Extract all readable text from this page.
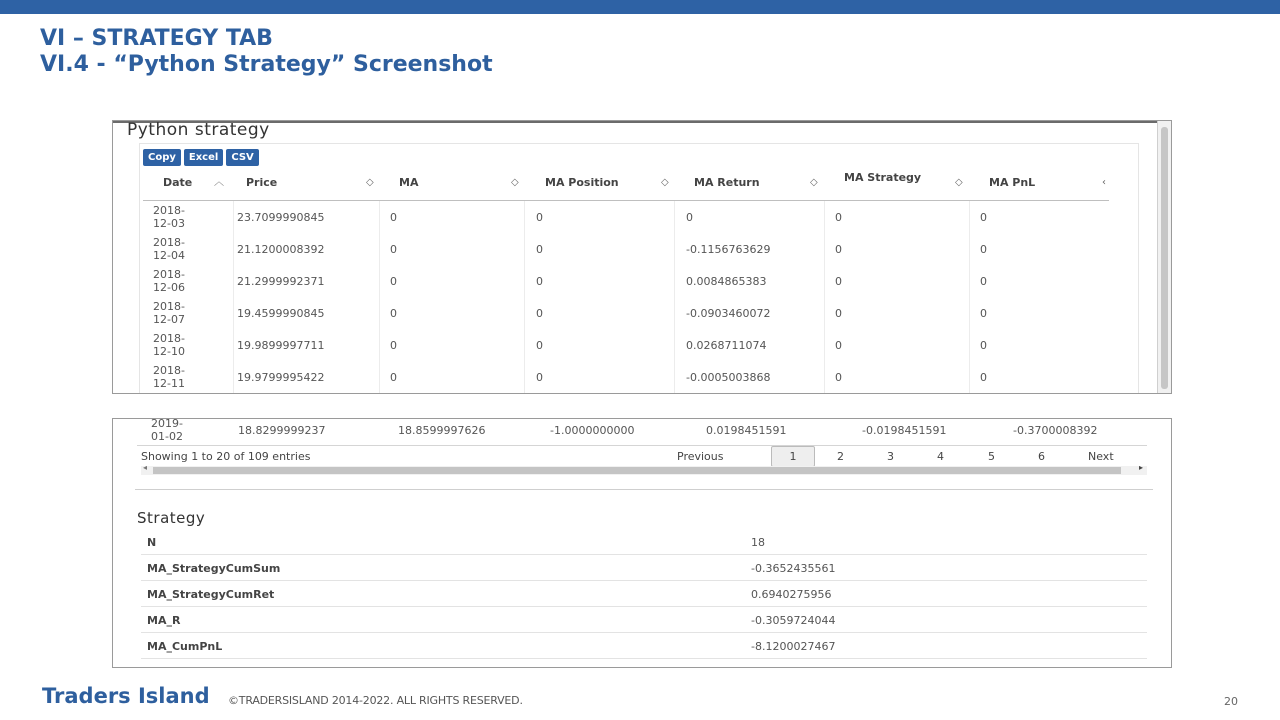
VI – STRATEGY TAB
VI.4 - “Python Strategy” Screenshot
Python strategy
Copy	Excel	CSV
Date ︿ Price	◇ MA	◇ MA Position	◇ MA Return	◇ MA Strategy	◇ MA PnL	‹
2018-
12-03	23.7099990845	0	0	0	0	0
2018-
12-04	21.1200008392	0	0	-0.1156763629	0	0
2018-
12-06	21.2999992371	0	0	0.0084865383	0	0
2018-
12-07	19.4599990845	0	0	-0.0903460072	0	0
2018-
12-10	19.9899997711	0	0	0.0268711074	0	0
2018-
12-11	19.9799995422	0	0	-0.0005003868	0	0
2019-
01-02	18.8299999237	18.8599997626	-1.0000000000	0.0198451591	-0.0198451591	-0.3700008392
Showing 1 to 20 of 109 entries	Previous	1	2	3	4	5	6	Next
◂	▸
Strategy
N	18
MA_StrategyCumSum	-0.3652435561
MA_StrategyCumRet	0.6940275956
MA_R	-0.3059724044
MA_CumPnL	-8.1200027467
Traders Island ©TRADERSISLAND 2014-2022. ALL RIGHTS RESERVED.	20
